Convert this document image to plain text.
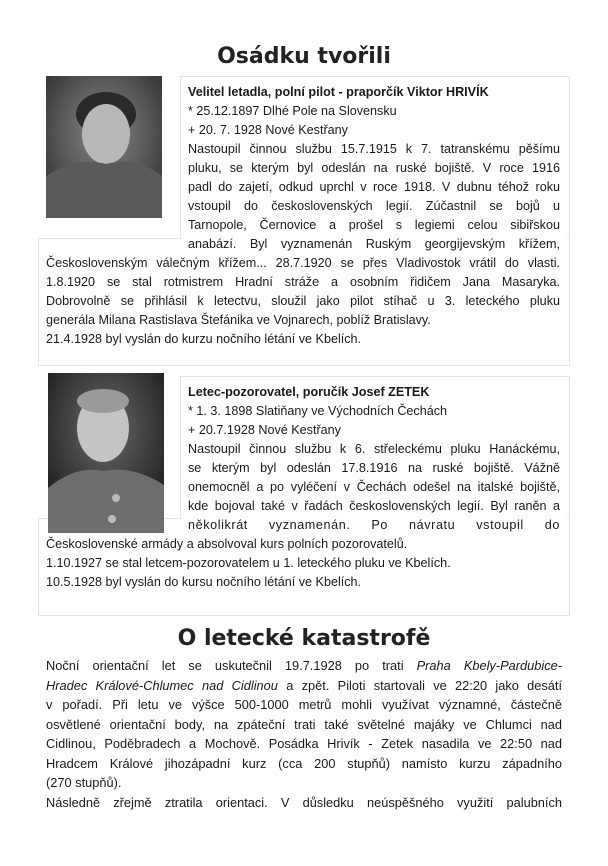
Osádku tvořili
Velitel letadla, polní pilot - praporčík Viktor HRIVÍK
* 25.12.1897 Dlhé Pole na Slovensku
+ 20. 7. 1928 Nové Kestřany
Nastoupil činnou službu 15.7.1915 k 7. tatranskému pěšímu
pluku, se kterým byl odeslán na ruské bojiště. V roce 1916
padl do zajetí, odkud uprchl v roce 1918. V dubnu téhož roku
vstoupil do československých legií. Zúčastnil se bojů u
Tarnopole, Černovice a prošel s legiemi celou sibiřskou
anabází. Byl vyznamenán Ruským georgijevským křížem,
Československým válečným křížem... 28.7.1920 se přes Vladivostok vrátil do vlasti.
1.8.1920 se stal rotmistrem Hradní stráže a osobním řidičem Jana Masaryka.
Dobrovolně se přihlásil k letectvu, sloužil jako pilot stíhač u 3. leteckého pluku
generála Milana Rastislava Štefánika ve Vojnarech, poblíž Bratislavy.
21.4.1928 byl vyslán do kurzu nočního létání ve Kbelích.
Letec-pozorovatel, poručík Josef ZETEK
* 1. 3. 1898 Slatiňany ve Východních Čechách
+ 20.7.1928 Nové Kestřany
Nastoupil činnou službu k 6. střeleckému pluku Hanáckému,
se kterým byl odeslán 17.8.1916 na ruské bojiště. Vážně
onemocněl a po vyléčení v Čechách odešel na italské bojiště,
kde bojoval také v řadách československých legií. Byl raněn a
několikrát vyznamenán. Po návratu vstoupil do
Československé armády a absolvoval kurs polních pozorovatelů.
1.10.1927 se stal letcem-pozorovatelem u 1. leteckého pluku ve Kbelích.
10.5.1928 byl vyslán do kursu nočního létání ve Kbelích.
O letecké katastrofě
Noční orientační let se uskutečnil 19.7.1928 po trati Praha Kbely-Pardubice-
Hradec Králové-Chlumec nad Cidlinou a zpět. Piloti startovali ve 22:20 jako desátí
v pořadí. Při letu ve výšce 500-1000 metrů mohli využívat významné, částečně
osvětlené orientační body, na zpáteční trati také světelné majáky ve Chlumci nad
Cidlinou, Poděbradech a Mochově. Posádka Hrivík - Zetek nasadila ve 22:50 nad
Hradcem Králové jihozápadní kurz (cca 200 stupňů) namísto kurzu západního
(270 stupňů).
Následně zřejmě ztratila orientaci. V důsledku neúspěšného využití palubních
